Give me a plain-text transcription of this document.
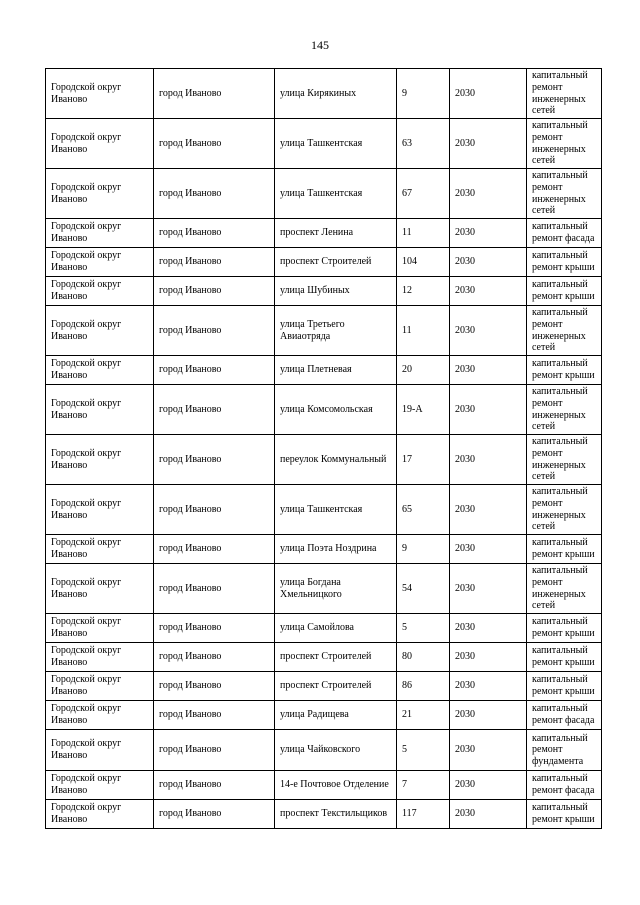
145
Городской округ Иваново	город Иваново	улица Кирякиных	9	2030	капитальный ремонт инженерных сетей
Городской округ Иваново	город Иваново	улица Ташкентская	63	2030	капитальный ремонт инженерных сетей
Городской округ Иваново	город Иваново	улица Ташкентская	67	2030	капитальный ремонт инженерных сетей
Городской округ Иваново	город Иваново	проспект Ленина	11	2030	капитальный ремонт фасада
Городской округ Иваново	город Иваново	проспект Строителей	104	2030	капитальный ремонт крыши
Городской округ Иваново	город Иваново	улица Шубиных	12	2030	капитальный ремонт крыши
Городской округ Иваново	город Иваново	улица Третьего Авиаотряда	11	2030	капитальный ремонт инженерных сетей
Городской округ Иваново	город Иваново	улица Плетневая	20	2030	капитальный ремонт крыши
Городской округ Иваново	город Иваново	улица Комсомольская	19-А	2030	капитальный ремонт инженерных сетей
Городской округ Иваново	город Иваново	переулок Коммунальный	17	2030	капитальный ремонт инженерных сетей
Городской округ Иваново	город Иваново	улица Ташкентская	65	2030	капитальный ремонт инженерных сетей
Городской округ Иваново	город Иваново	улица Поэта Ноздрина	9	2030	капитальный ремонт крыши
Городской округ Иваново	город Иваново	улица Богдана Хмельницкого	54	2030	капитальный ремонт инженерных сетей
Городской округ Иваново	город Иваново	улица Самойлова	5	2030	капитальный ремонт крыши
Городской округ Иваново	город Иваново	проспект Строителей	80	2030	капитальный ремонт крыши
Городской округ Иваново	город Иваново	проспект Строителей	86	2030	капитальный ремонт крыши
Городской округ Иваново	город Иваново	улица Радищева	21	2030	капитальный ремонт фасада
Городской округ Иваново	город Иваново	улица Чайковского	5	2030	капитальный ремонт фундамента
Городской округ Иваново	город Иваново	14-е Почтовое Отделение	7	2030	капитальный ремонт фасада
Городской округ Иваново	город Иваново	проспект Текстильщиков	117	2030	капитальный ремонт крыши
